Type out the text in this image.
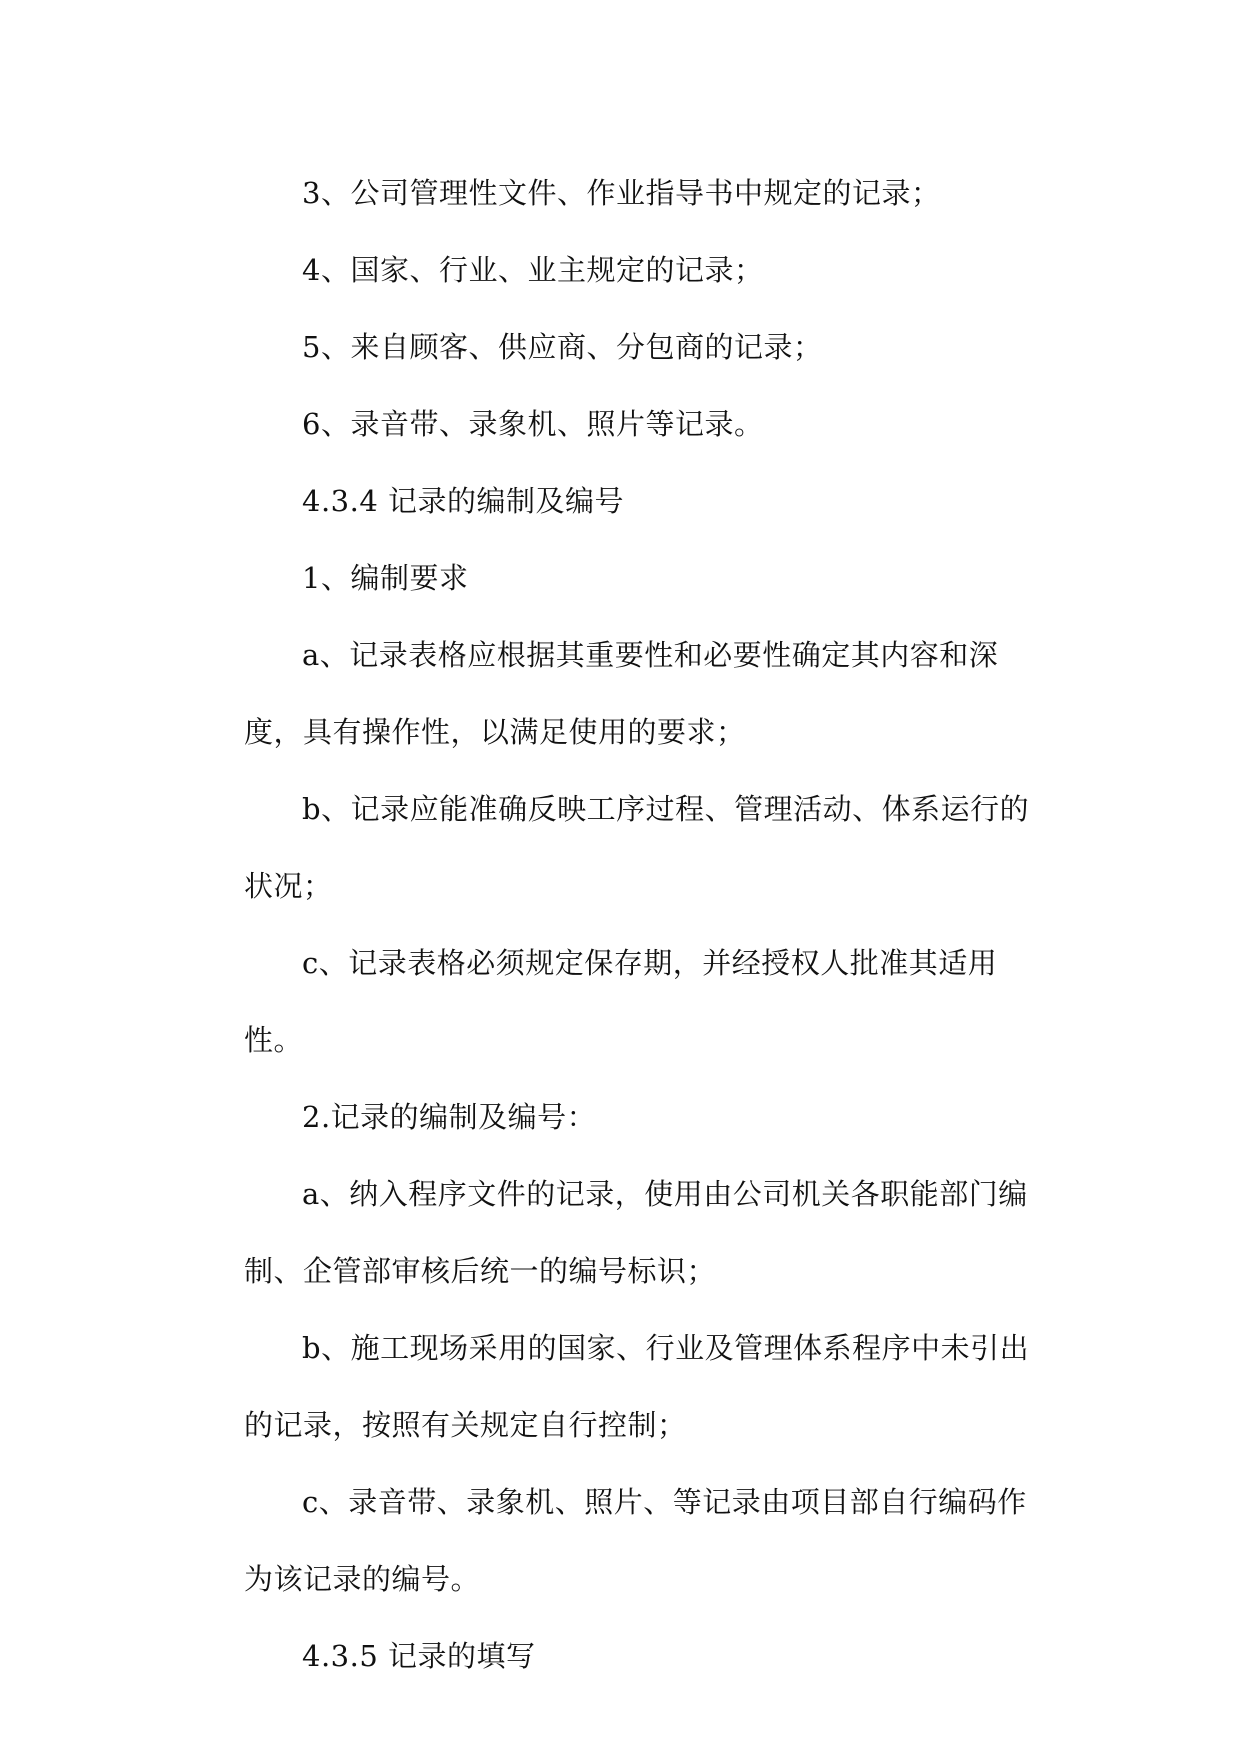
3、公司管理性文件、作业指导书中规定的记录；

4、国家、行业、业主规定的记录；

5、来自顾客、供应商、分包商的记录；

6、录音带、录象机、照片等记录。

4.3.4 记录的编制及编号

1、编制要求

a、记录表格应根据其重要性和必要性确定其内容和深度，具有操作性，以满足使用的要求；

b、记录应能准确反映工序过程、管理活动、体系运行的状况；

c、记录表格必须规定保存期，并经授权人批准其适用性。

2.记录的编制及编号：

a、纳入程序文件的记录，使用由公司机关各职能部门编制、企管部审核后统一的编号标识；

b、施工现场采用的国家、行业及管理体系程序中未引出的记录，按照有关规定自行控制；

c、录音带、录象机、照片、等记录由项目部自行编码作为该记录的编号。

4.3.5 记录的填写
